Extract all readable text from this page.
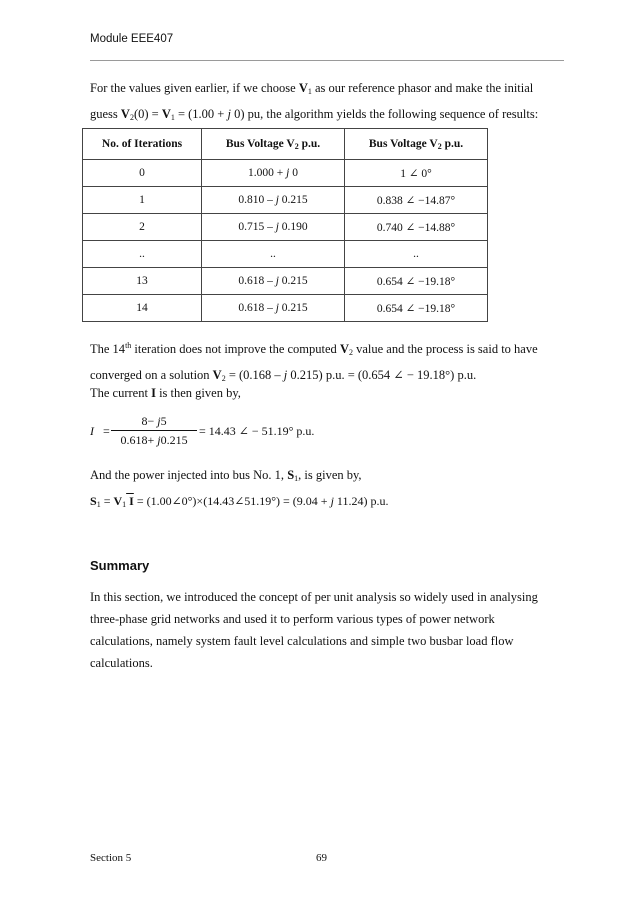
Module EEE407
For the values given earlier, if we choose $V_1$ as our reference phasor and make the initial
guess $V_2(0) = V_1 = (1.00 + j$ 0) pu, the algorithm yields the following sequence of results:
No. of Iterations	Bus Voltage $V_2$ p.u.	Bus Voltage $V_2$ p.u.
0	1.000 + j 0	1 ∠ 0°
1	0.810 – j 0.215	0.838 ∠ −14.87°
2	0.715 – j 0.190	0.740 ∠ −14.88°
..	..	..
13	0.618 – j 0.215	0.654 ∠ −19.18°
14	0.618 – j 0.215	0.654 ∠ −19.18°
The 14th iteration does not improve the computed $V_2$ value and the process is said to have
converged on a solution $V_2 = (0.168 - j$ 0.215) p.u. = (0.654 ∠ − 19.18°) p.u.
The current I is then given by,
I =
8− j5
0.618+ j0.215
= 14.43 ∠ − 51.19° p.u.
And the power injected into bus No. 1, $S_1$, is given by,
$S_1 = V_1$ I = (1.00∠0°)×(14.43∠51.19°) = (9.04 + j 11.24) p.u.
Summary
In this section, we introduced the concept of per unit analysis so widely used in analysing
three-phase grid networks and used it to perform various types of power network
calculations, namely system fault level calculations and simple two busbar load flow
calculations.
Section 5	69
